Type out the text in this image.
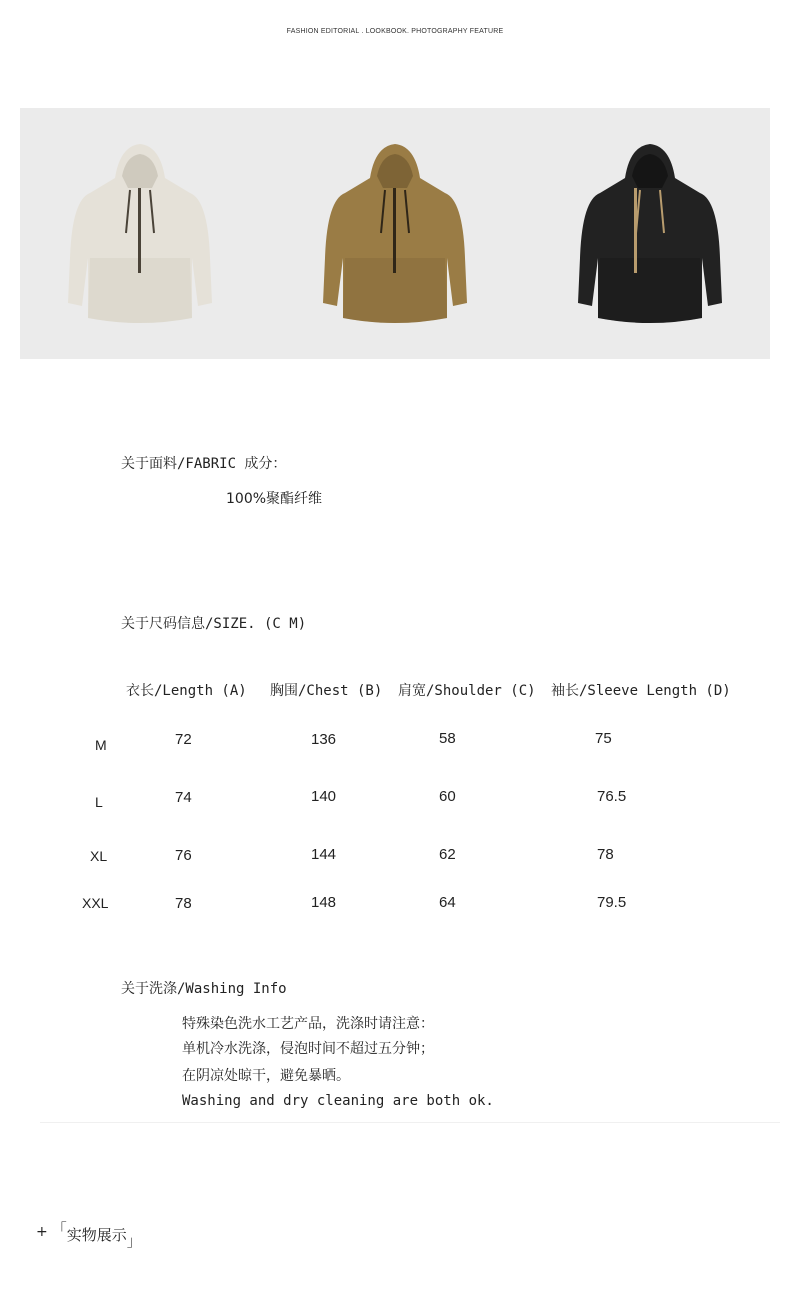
FASHION EDITORIAL . LOOKBOOK. PHOTOGRAPHY FEATURE
关于面料/FABRIC 成分：
100%聚酯纤维
关于尺码信息/SIZE. (C M)
衣长/Length (A) 胸围/Chest (B) 肩宽/Shoulder (C) 袖长/Sleeve Length (D)
M	72	136	58	75
L	74	140	60	76.5
XL	76	144	62	78
XXL	78	148	64	79.5
关于洗涤/Washing Info
特殊染色洗水工艺产品，洗涤时请注意：
单机冷水洗涤，侵泡时间不超过五分钟；
在阴凉处晾干，避免暴晒。
Washing and dry cleaning are both ok.
+ 「实物展示」
